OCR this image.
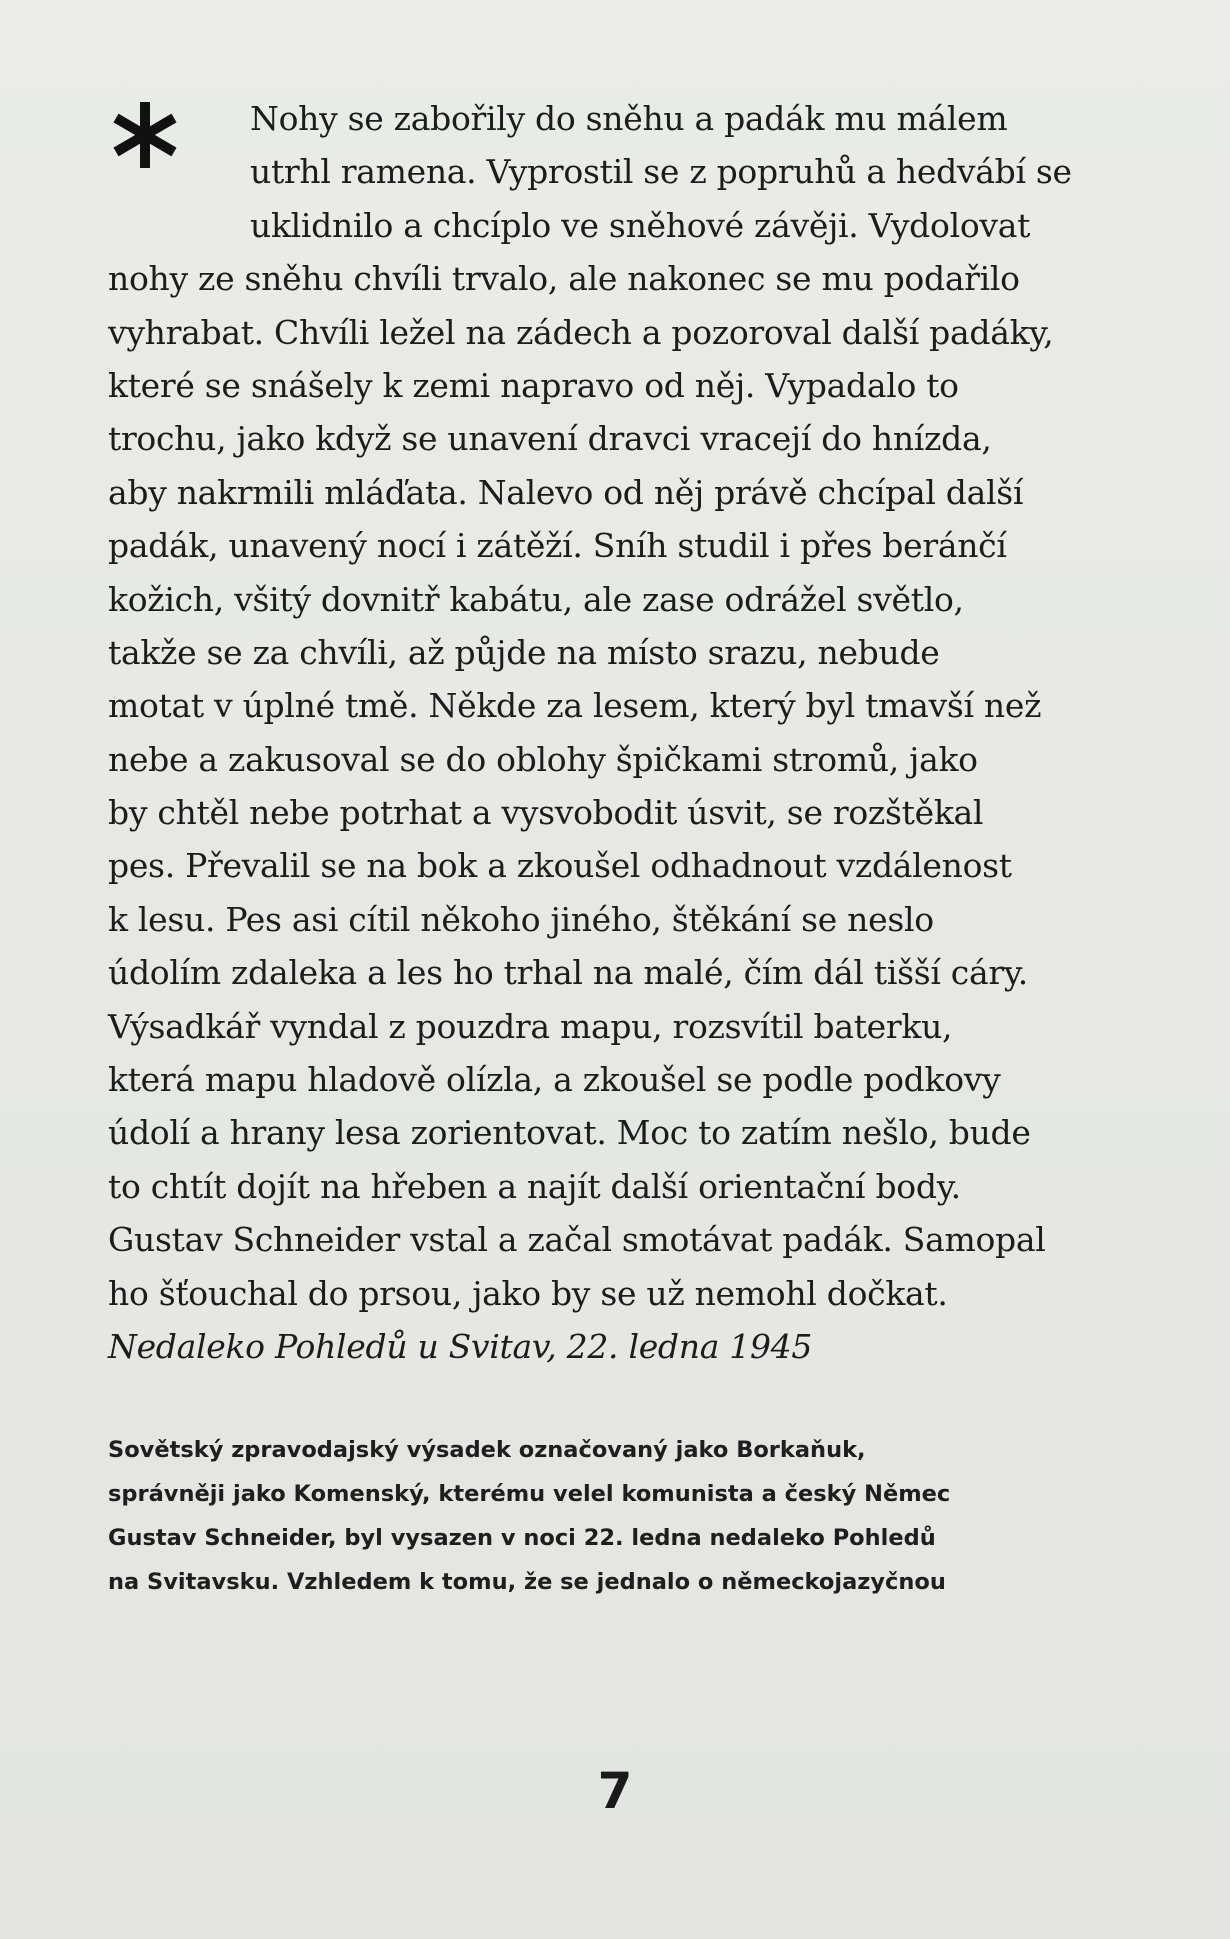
Nohy se zabořily do sněhu a padák mu málem
utrhl ramena. Vyprostil se z popruhů a hedvábí se
uklidnilo a chcíplo ve sněhové závěji. Vydolovat
nohy ze sněhu chvíli trvalo, ale nakonec se mu podařilo
vyhrabat. Chvíli ležel na zádech a pozoroval další padáky,
které se snášely k zemi napravo od něj. Vypadalo to
trochu, jako když se unavení dravci vracejí do hnízda,
aby nakrmili mláďata. Nalevo od něj právě chcípal další
padák, unavený nocí i zátěží. Sníh studil i přes beránčí
kožich, všitý dovnitř kabátu, ale zase odrážel světlo,
takže se za chvíli, až půjde na místo srazu, nebude
motat v úplné tmě. Někde za lesem, který byl tmavší než
nebe a zakusoval se do oblohy špičkami stromů, jako
by chtěl nebe potrhat a vysvobodit úsvit, se rozštěkal
pes. Převalil se na bok a zkoušel odhadnout vzdálenost
k lesu. Pes asi cítil někoho jiného, štěkání se neslo
údolím zdaleka a les ho trhal na malé, čím dál tišší cáry.
Výsadkář vyndal z pouzdra mapu, rozsvítil baterku,
která mapu hladově olízla, a zkoušel se podle podkovy
údolí a hrany lesa zorientovat. Moc to zatím nešlo, bude
to chtít dojít na hřeben a najít další orientační body.
Gustav Schneider vstal a začal smotávat padák. Samopal
ho šťouchal do prsou, jako by se už nemohl dočkat.
Nedaleko Pohledů u Svitav, 22. ledna 1945
Sovětský zpravodajský výsadek označovaný jako Borkaňuk,
správněji jako Komenský, kterému velel komunista a český Němec
Gustav Schneider, byl vysazen v noci 22. ledna nedaleko Pohledů
na Svitavsku. Vzhledem k tomu, že se jednalo o německojazyčnou
7
